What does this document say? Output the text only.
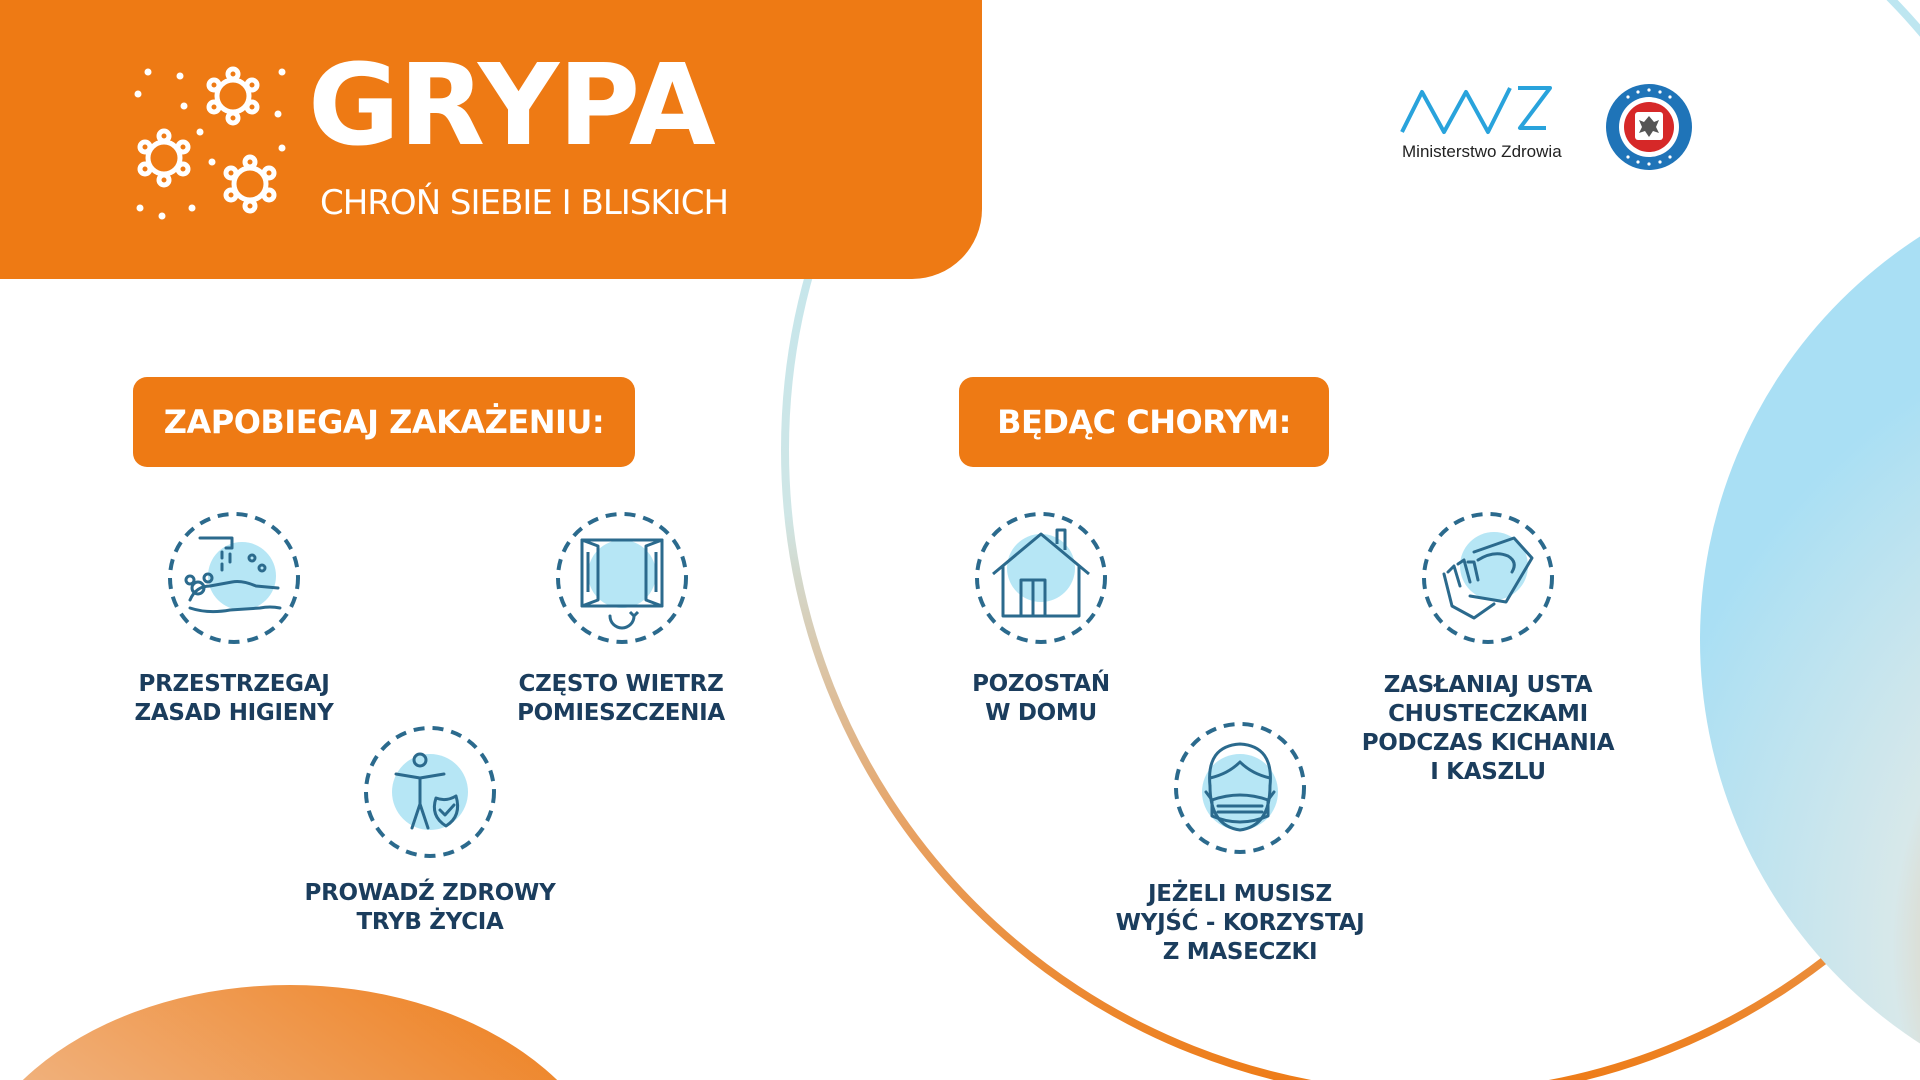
GRYPA

CHROŃ SIEBIE I BLISKICH

Ministerstwo Zdrowia
ZAPOBIEGAJ ZAKAŻENIU:

PRZESTRZEGAJ
ZASAD HIGIENY

CZĘSTO WIETRZ
POMIESZCZENIA

PROWADŹ ZDROWY
TRYB ŻYCIA

BĘDĄC CHORYM:

POZOSTAŃ
W DOMU

ZASŁANIAJ USTA
CHUSTECZKAMI
PODCZAS KICHANIA
I KASZLU

JEŻELI MUSISZ
WYJŚĆ - KORZYSTAJ
Z MASECZKI
